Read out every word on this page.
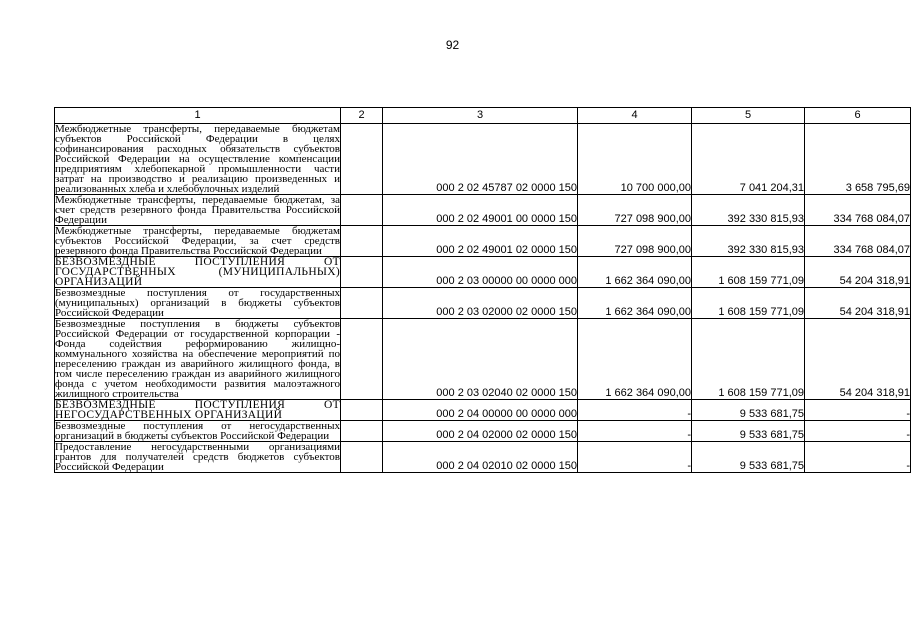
92
1	2	3	4	5	6
Межбюджетные трансферты, передаваемые бюджетам субъектов Российской Федерации в целях софинансирования расходных обязательств субъектов Российской Федерации на осуществление компенсации предприятиям хлебопекарной промышленности части затрат на производство и реализацию произведенных и реализованных хлеба и хлебобулочных изделий		000 2 02 45787 02 0000 150	10 700 000,00	7 041 204,31	3 658 795,69
Межбюджетные трансферты, передаваемые бюджетам, за счет средств резервного фонда Правительства Российской Федерации		000 2 02 49001 00 0000 150	727 098 900,00	392 330 815,93	334 768 084,07
Межбюджетные трансферты, передаваемые бюджетам субъектов Российской Федерации, за счет средств резервного фонда Правительства Российской Федерации		000 2 02 49001 02 0000 150	727 098 900,00	392 330 815,93	334 768 084,07
БЕЗВОЗМЕЗДНЫЕ ПОСТУПЛЕНИЯ ОТ ГОСУДАРСТВЕННЫХ (МУНИЦИПАЛЬНЫХ) ОРГАНИЗАЦИЙ		000 2 03 00000 00 0000 000	1 662 364 090,00	1 608 159 771,09	54 204 318,91
Безвозмездные поступления от государственных (муниципальных) организаций в бюджеты субъектов Российской Федерации		000 2 03 02000 02 0000 150	1 662 364 090,00	1 608 159 771,09	54 204 318,91
Безвозмездные поступления в бюджеты субъектов Российской Федерации от государственной корпорации - Фонда содействия реформированию жилищно-коммунального хозяйства на обеспечение мероприятий по переселению граждан из аварийного жилищного фонда, в том числе переселению граждан из аварийного жилищного фонда с учетом необходимости развития малоэтажного жилищного строительства		000 2 03 02040 02 0000 150	1 662 364 090,00	1 608 159 771,09	54 204 318,91
БЕЗВОЗМЕЗДНЫЕ ПОСТУПЛЕНИЯ ОТ НЕГОСУДАРСТВЕННЫХ ОРГАНИЗАЦИЙ		000 2 04 00000 00 0000 000	-	9 533 681,75	-
Безвозмездные поступления от негосударственных организаций в бюджеты субъектов Российской Федерации		000 2 04 02000 02 0000 150	-	9 533 681,75	-
Предоставление негосударственными организациями грантов для получателей средств бюджетов субъектов Российской Федерации		000 2 04 02010 02 0000 150	-	9 533 681,75	-
